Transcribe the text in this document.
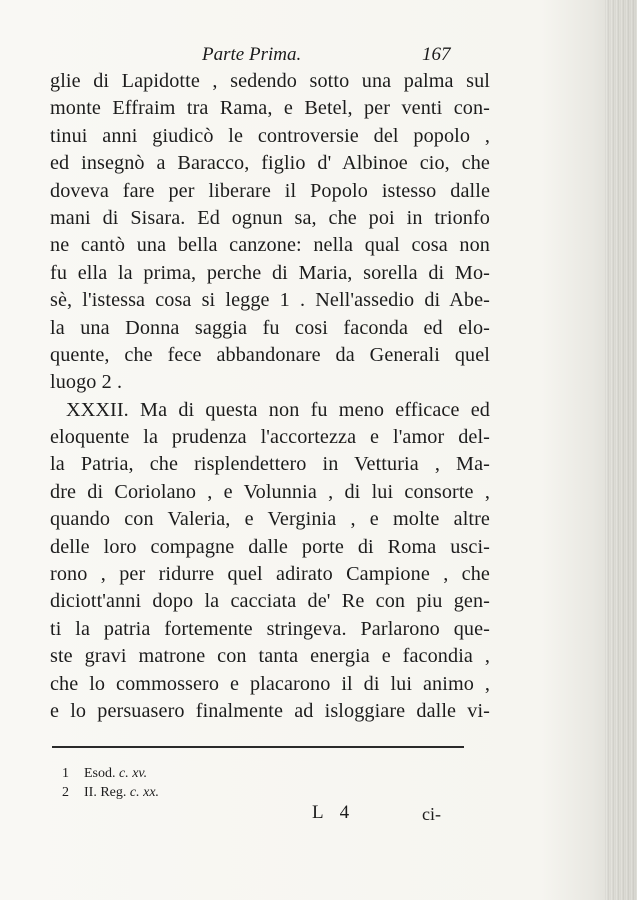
Parte Prima.	167
glie di Lapidotte , sedendo sotto una palma sul
monte Effraim tra Rama, e Betel, per venti con-
tinui anni giudicò le controversie del popolo ,
ed insegnò a Baracco, figlio d' Albinoe cio, che
doveva fare per liberare il Popolo istesso dalle
mani di Sisara. Ed ognun sa, che poi in trionfo
ne cantò una bella canzone: nella qual cosa non
fu ella la prima, perche di Maria, sorella di Mo-
sè, l'istessa cosa si legge 1 . Nell'assedio di Abe-
la una Donna saggia fu cosi faconda ed elo-
quente, che fece abbandonare da Generali quel
luogo 2 .
XXXII. Ma di questa non fu meno efficace ed
eloquente la prudenza l'accortezza e l'amor del-
la Patria, che risplendettero in Vetturia , Ma-
dre di Coriolano , e Volunnia , di lui consorte ,
quando con Valeria, e Verginia , e molte altre
delle loro compagne dalle porte di Roma usci-
rono , per ridurre quel adirato Campione , che
diciott'anni dopo la cacciata de' Re con piu gen-
ti la patria fortemente stringeva. Parlarono que-
ste gravi matrone con tanta energia e facondia ,
che lo commossero e placarono il di lui animo ,
e lo persuasero finalmente ad isloggiare dalle vi-
1 Esod. c. xv.
2 II. Reg. c. xx.
L 4	ci-
